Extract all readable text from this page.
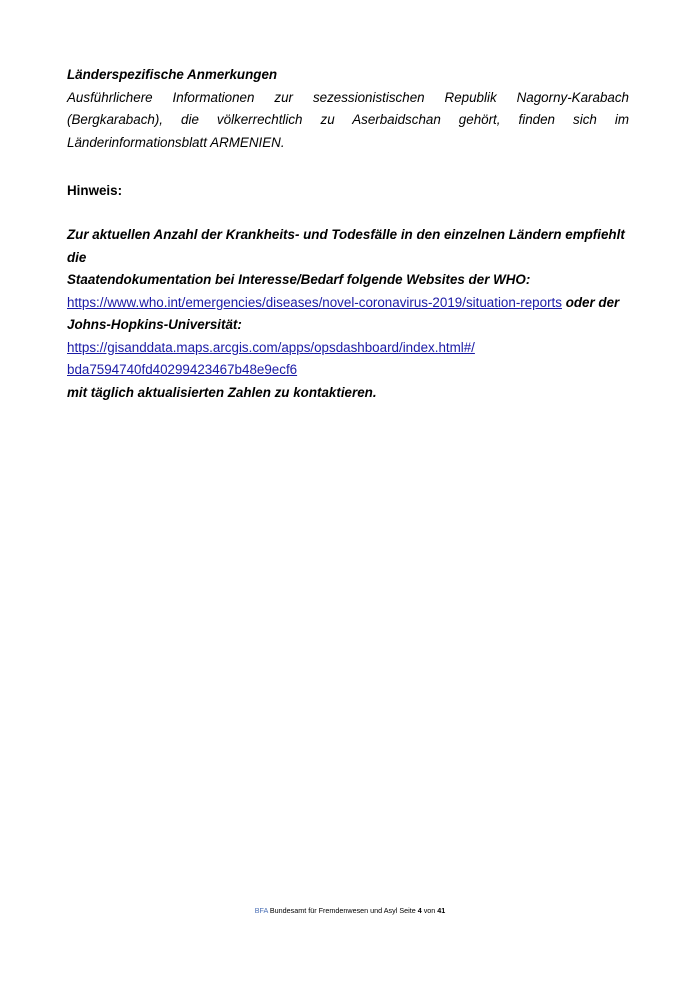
Länderspezifische Anmerkungen

Ausführlichere Informationen zur sezessionistischen Republik Nagorny-Karabach (Bergkarabach), die völkerrechtlich zu Aserbaidschan gehört, finden sich im Länderinformationsblatt ARMENIEN.

Hinweis:

Zur aktuellen Anzahl der Krankheits- und Todesfälle in den einzelnen Ländern empfiehlt die

Staatendokumentation bei Interesse/Bedarf folgende Websites der WHO:

https://www.who.int/emergencies/diseases/novel-coronavirus-2019/situation-reports oder der

Johns-Hopkins-Universität:

https://gisanddata.maps.arcgis.com/apps/opsdashboard/index.html#/

bda7594740fd40299423467b48e9ecf6

mit täglich aktualisierten Zahlen zu kontaktieren.

BFA Bundesamt für Fremdenwesen und Asyl Seite 4 von 41
